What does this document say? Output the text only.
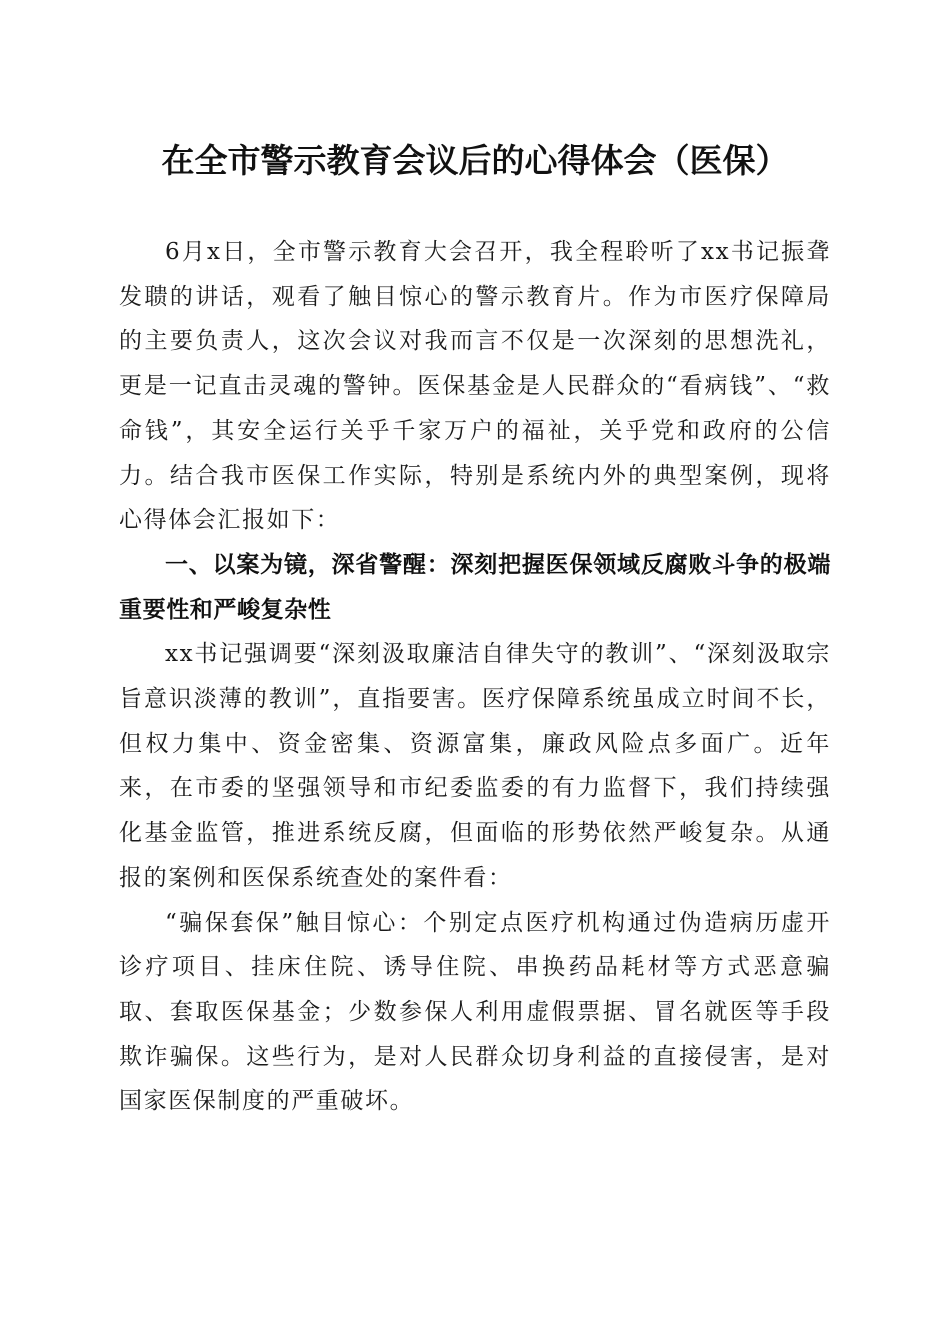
在全市警示教育会议后的心得体会（医保）

6月x日，全市警示教育大会召开，我全程聆听了xx书记振聋发聩的讲话，观看了触目惊心的警示教育片。作为市医疗保障局的主要负责人，这次会议对我而言不仅是一次深刻的思想洗礼，更是一记直击灵魂的警钟。医保基金是人民群众的“看病钱”、“救命钱”，其安全运行关乎千家万户的福祉，关乎党和政府的公信力。结合我市医保工作实际，特别是系统内外的典型案例，现将心得体会汇报如下：

一、以案为镜，深省警醒：深刻把握医保领域反腐败斗争的极端重要性和严峻复杂性

xx书记强调要“深刻汲取廉洁自律失守的教训”、“深刻汲取宗旨意识淡薄的教训”，直指要害。医疗保障系统虽成立时间不长，但权力集中、资金密集、资源富集，廉政风险点多面广。近年来，在市委的坚强领导和市纪委监委的有力监督下，我们持续强化基金监管，推进系统反腐，但面临的形势依然严峻复杂。从通报的案例和医保系统查处的案件看：

“骗保套保”触目惊心：个别定点医疗机构通过伪造病历虚开诊疗项目、挂床住院、诱导住院、串换药品耗材等方式恶意骗取、套取医保基金；少数参保人利用虚假票据、冒名就医等手段欺诈骗保。这些行为，是对人民群众切身利益的直接侵害，是对国家医保制度的严重破坏。
